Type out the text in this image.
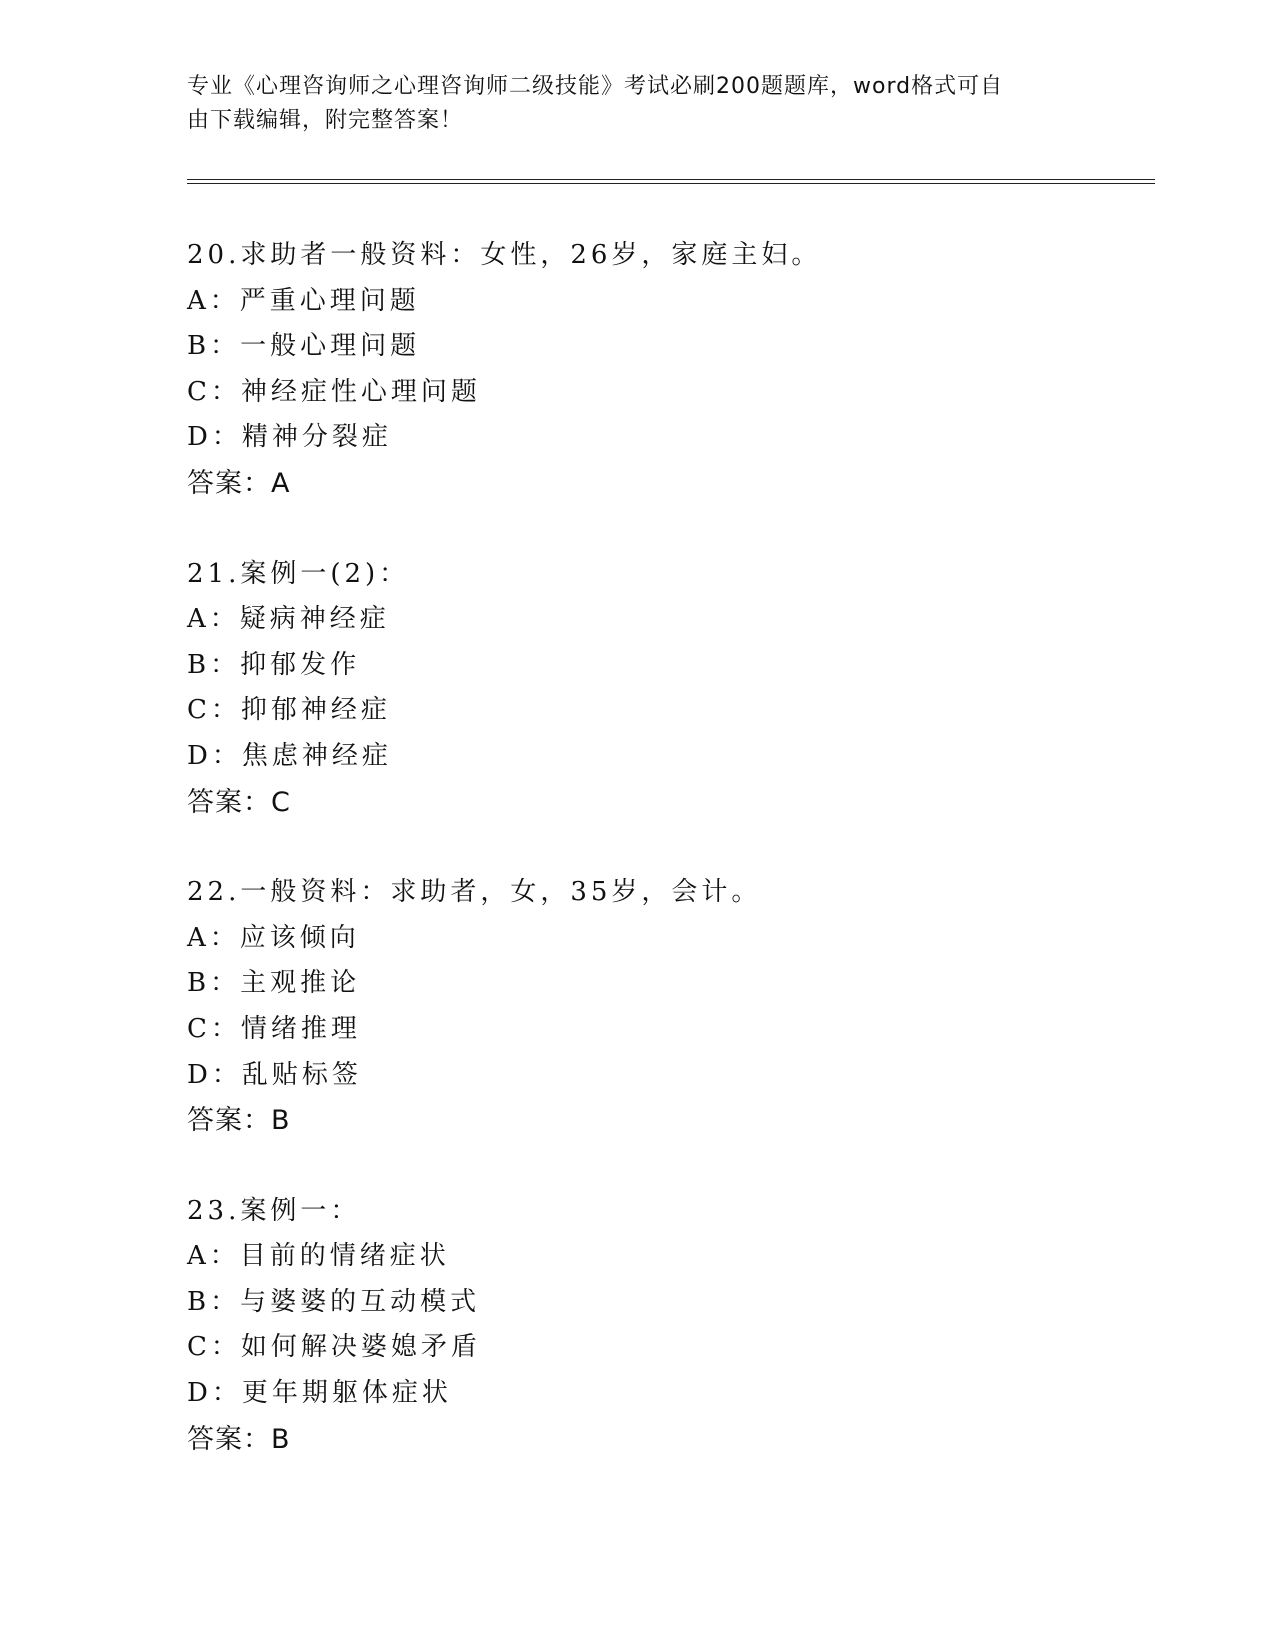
专业《心理咨询师之心理咨询师二级技能》考试必刷200题题库，word格式可自
由下载编辑，附完整答案！
20.求助者一般资料：女性，26岁，家庭主妇。
A：严重心理问题
B：一般心理问题
C：神经症性心理问题
D：精神分裂症
答案：A
21.案例一(2)：
A：疑病神经症
B：抑郁发作
C：抑郁神经症
D：焦虑神经症
答案：C
22.一般资料：求助者，女，35岁，会计。
A：应该倾向
B：主观推论
C：情绪推理
D：乱贴标签
答案：B
23.案例一：
A：目前的情绪症状
B：与婆婆的互动模式
C：如何解决婆媳矛盾
D：更年期躯体症状
答案：B
